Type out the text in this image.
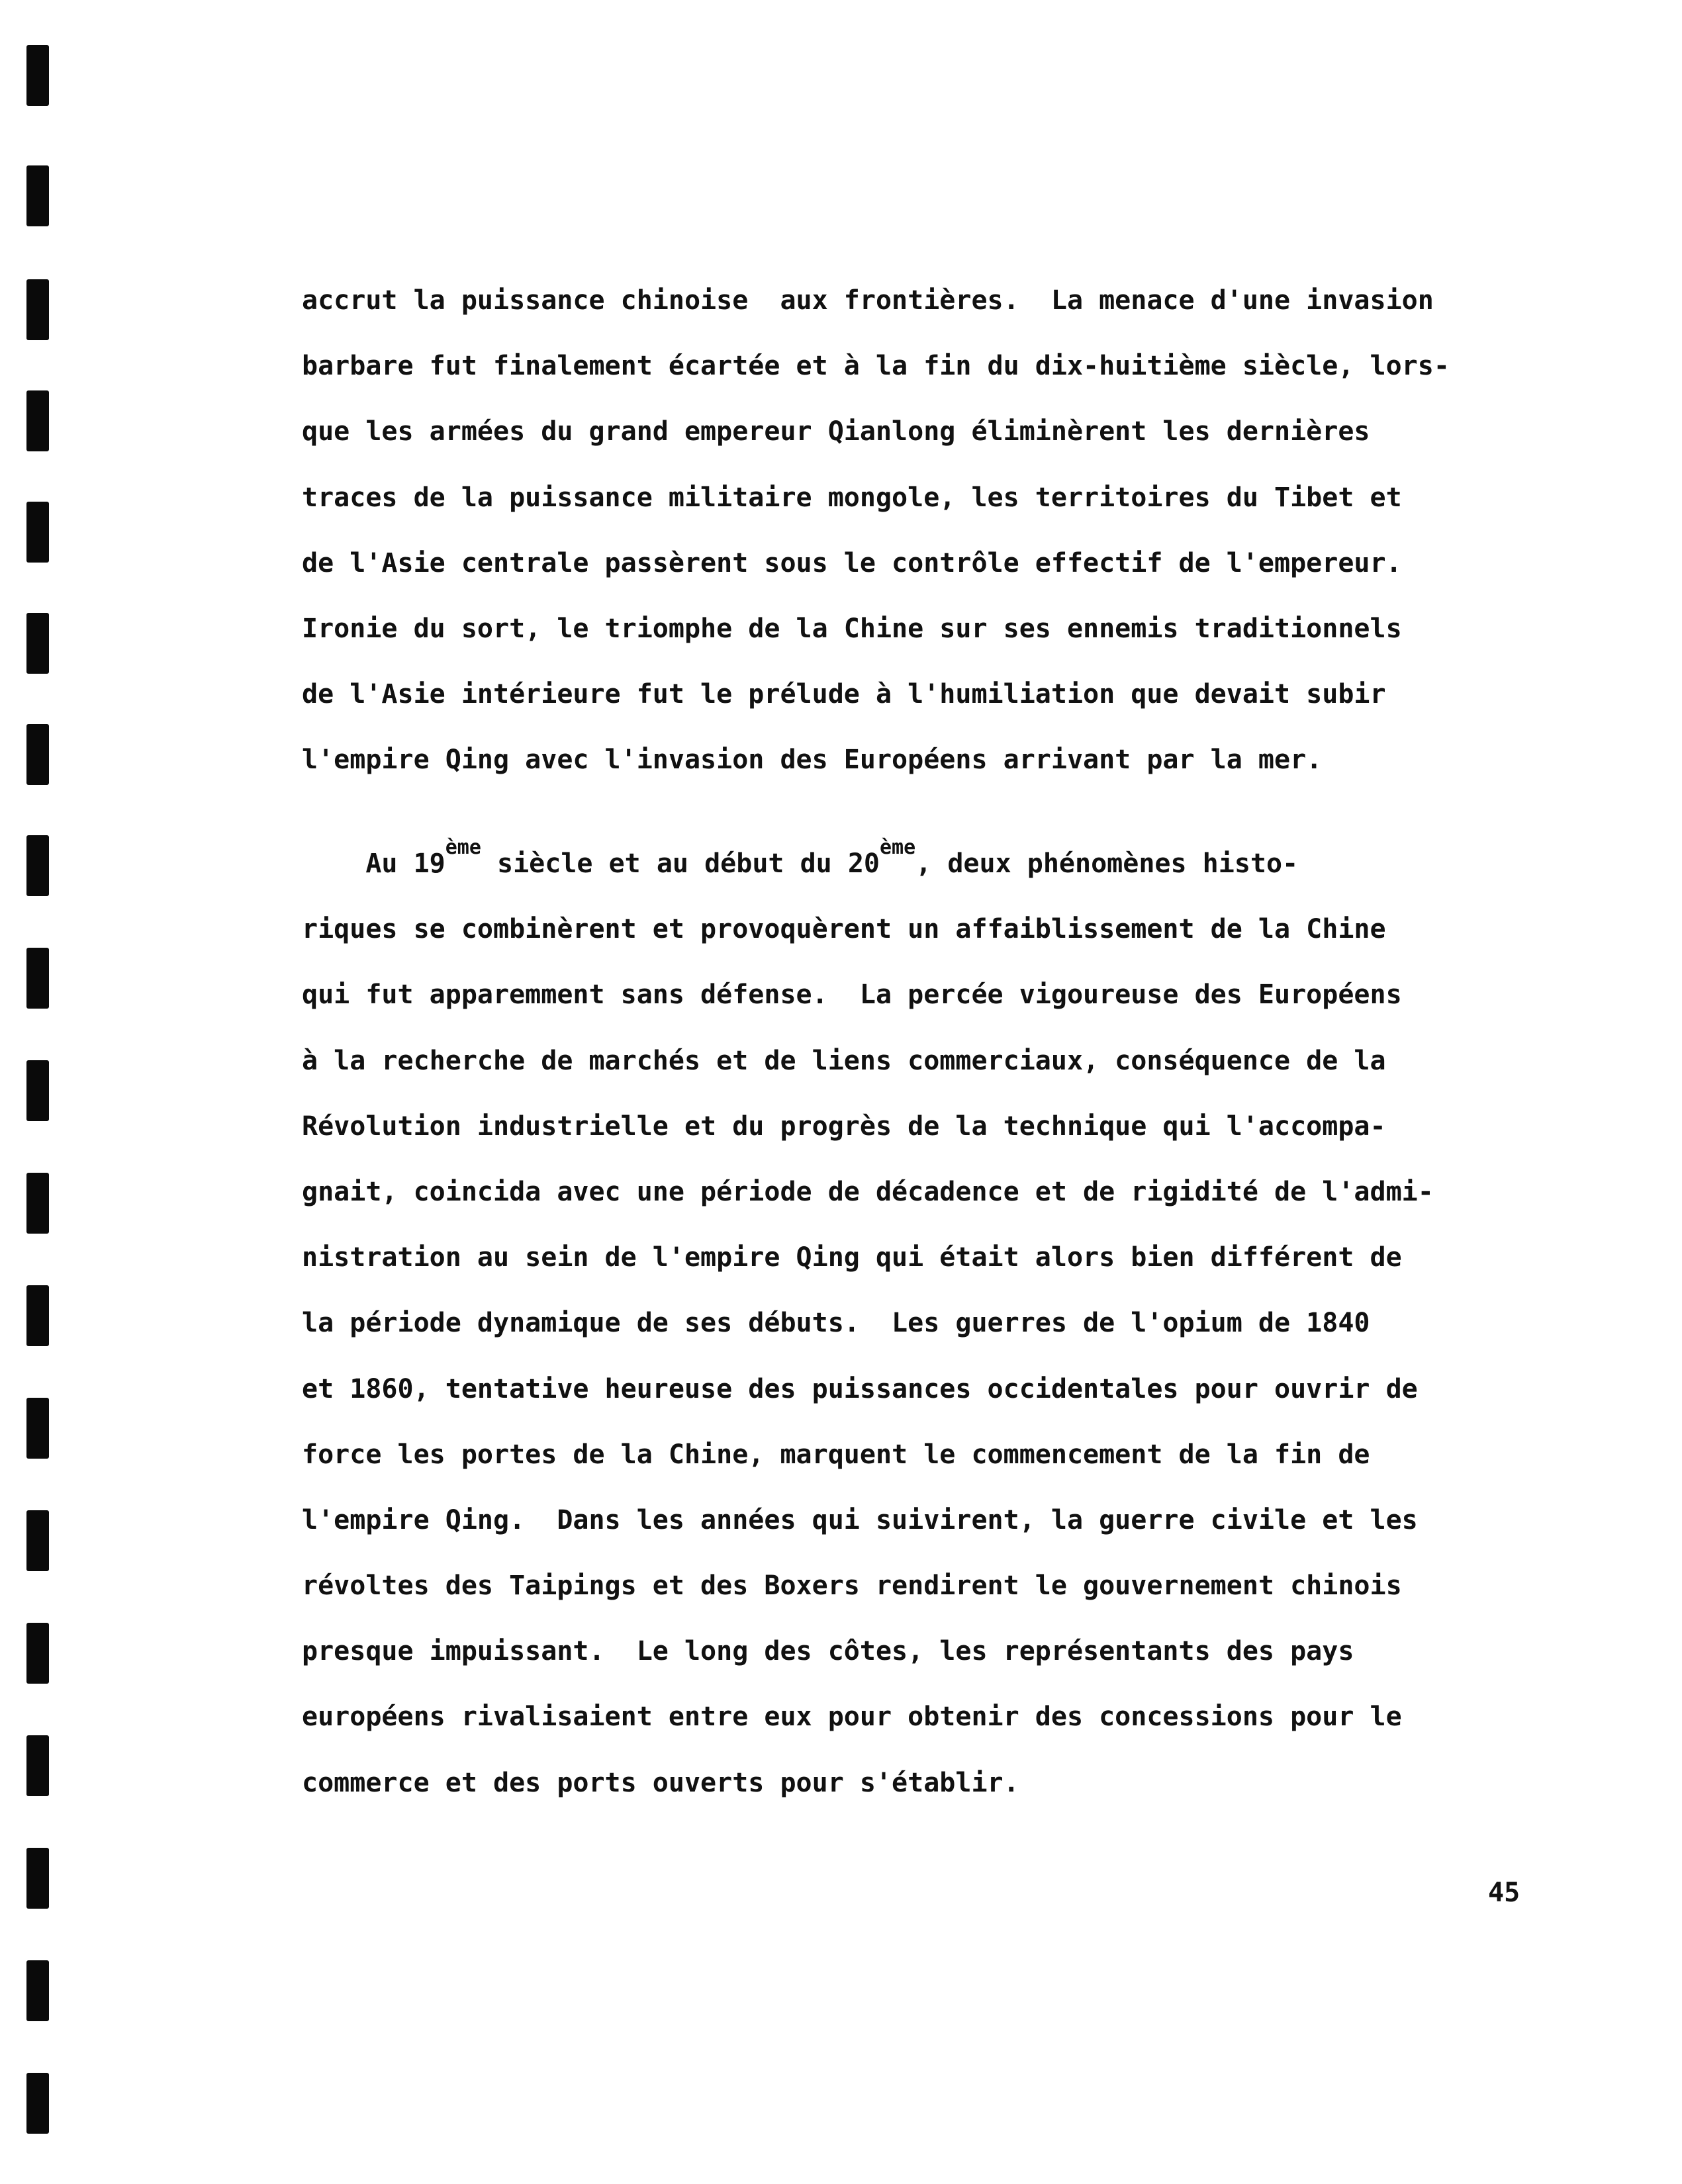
accrut la puissance chinoise  aux frontières.  La menace d'une invasion
barbare fut finalement écartée et à la fin du dix-huitième siècle, lors-
que les armées du grand empereur Qianlong éliminèrent les dernières
traces de la puissance militaire mongole, les territoires du Tibet et
de l'Asie centrale passèrent sous le contrôle effectif de l'empereur.
Ironie du sort, le triomphe de la Chine sur ses ennemis traditionnels
de l'Asie intérieure fut le prélude à l'humiliation que devait subir
l'empire Qing avec l'invasion des Européens arrivant par la mer.
Au 19ème siècle et au début du 20ème, deux phénomènes histo-
riques se combinèrent et provoquèrent un affaiblissement de la Chine
qui fut apparemment sans défense.  La percée vigoureuse des Européens
à la recherche de marchés et de liens commerciaux, conséquence de la
Révolution industrielle et du progrès de la technique qui l'accompa-
gnait, coincida avec une période de décadence et de rigidité de l'admi-
nistration au sein de l'empire Qing qui était alors bien différent de
la période dynamique de ses débuts.  Les guerres de l'opium de 1840
et 1860, tentative heureuse des puissances occidentales pour ouvrir de
force les portes de la Chine, marquent le commencement de la fin de
l'empire Qing.  Dans les années qui suivirent, la guerre civile et les
révoltes des Taipings et des Boxers rendirent le gouvernement chinois
presque impuissant.  Le long des côtes, les représentants des pays
européens rivalisaient entre eux pour obtenir des concessions pour le
commerce et des ports ouverts pour s'établir.
45
